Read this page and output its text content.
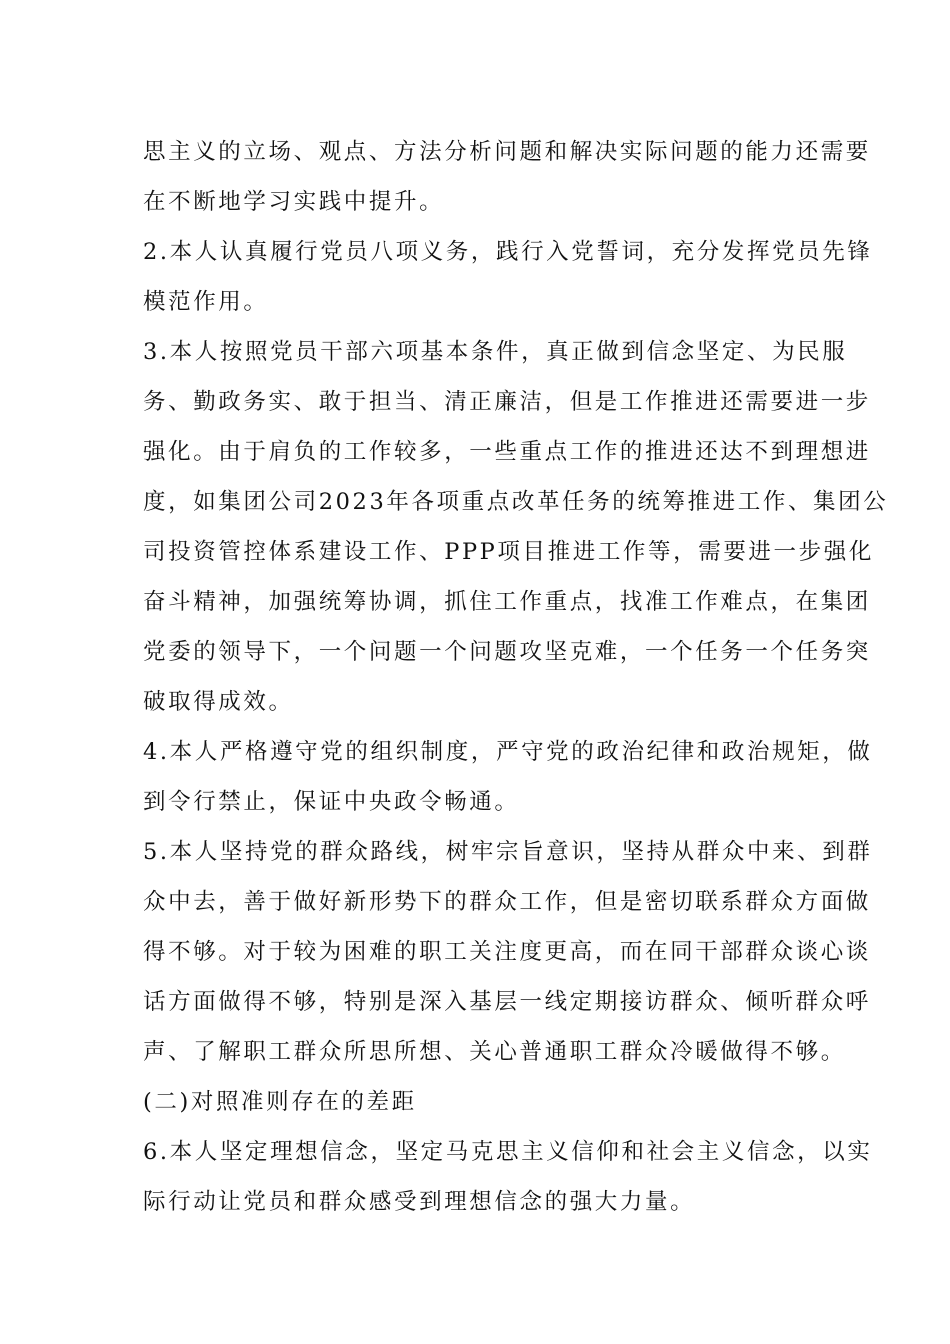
思主义的立场、观点、方法分析问题和解决实际问题的能力还需要

在不断地学习实践中提升。

2.本人认真履行党员八项义务，践行入党誓词，充分发挥党员先锋

模范作用。

3.本人按照党员干部六项基本条件，真正做到信念坚定、为民服

务、勤政务实、敢于担当、清正廉洁，但是工作推进还需要进一步

强化。由于肩负的工作较多，一些重点工作的推进还达不到理想进

度，如集团公司2023年各项重点改革任务的统筹推进工作、集团公

司投资管控体系建设工作、PPP项目推进工作等，需要进一步强化

奋斗精神，加强统筹协调，抓住工作重点，找准工作难点，在集团

党委的领导下，一个问题一个问题攻坚克难，一个任务一个任务突

破取得成效。

4.本人严格遵守党的组织制度，严守党的政治纪律和政治规矩，做

到令行禁止，保证中央政令畅通。

5.本人坚持党的群众路线，树牢宗旨意识，坚持从群众中来、到群

众中去，善于做好新形势下的群众工作，但是密切联系群众方面做

得不够。对于较为困难的职工关注度更高，而在同干部群众谈心谈

话方面做得不够，特别是深入基层一线定期接访群众、倾听群众呼

声、了解职工群众所思所想、关心普通职工群众冷暖做得不够。

(二)对照准则存在的差距

6.本人坚定理想信念，坚定马克思主义信仰和社会主义信念，以实

际行动让党员和群众感受到理想信念的强大力量。
